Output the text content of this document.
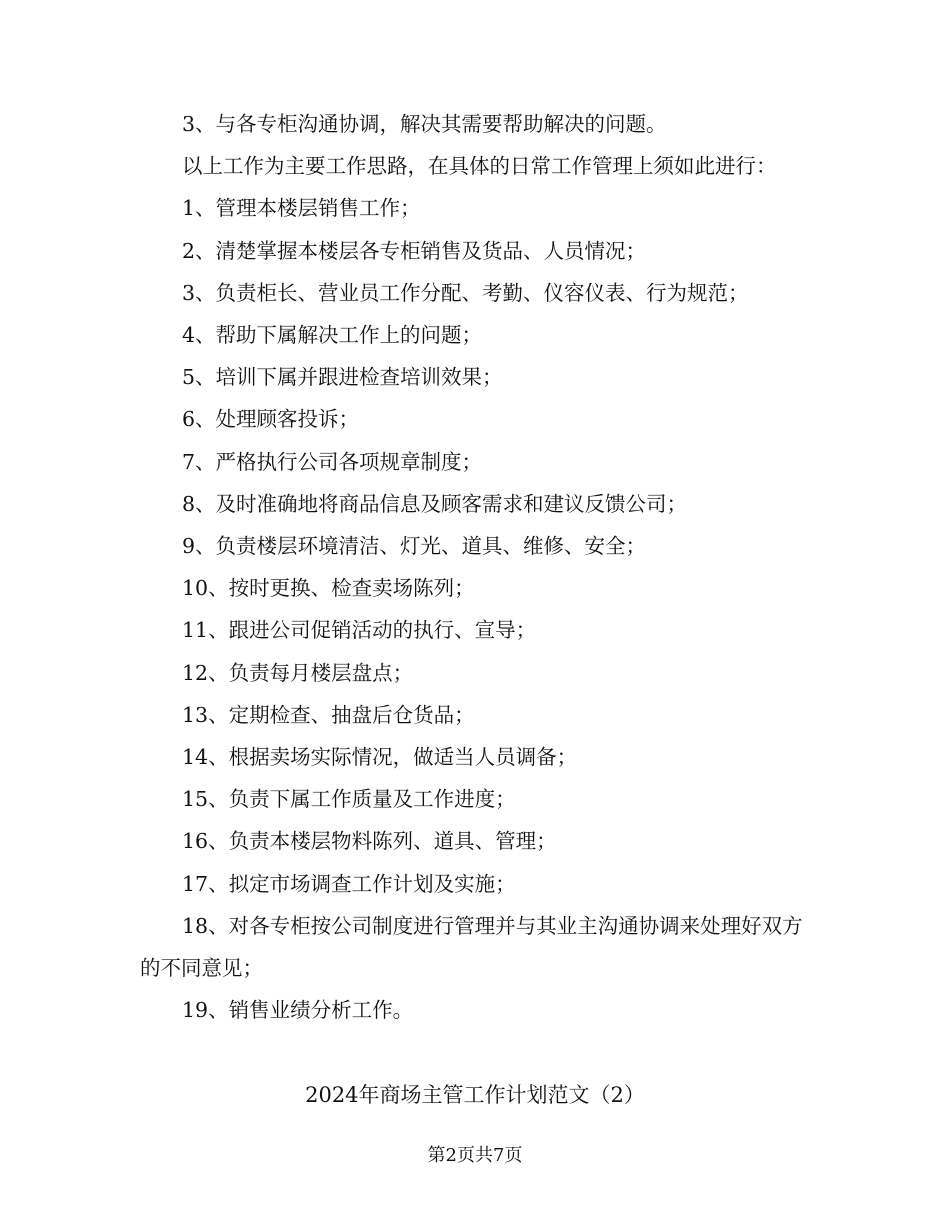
3、与各专柜沟通协调，解决其需要帮助解决的问题。

以上工作为主要工作思路，在具体的日常工作管理上须如此进行：

1、管理本楼层销售工作；

2、清楚掌握本楼层各专柜销售及货品、人员情况；

3、负责柜长、营业员工作分配、考勤、仪容仪表、行为规范；

4、帮助下属解决工作上的问题；

5、培训下属并跟进检查培训效果；

6、处理顾客投诉；

7、严格执行公司各项规章制度；

8、及时准确地将商品信息及顾客需求和建议反馈公司；

9、负责楼层环境清洁、灯光、道具、维修、安全；

10、按时更换、检查卖场陈列；

11、跟进公司促销活动的执行、宣导；

12、负责每月楼层盘点；

13、定期检查、抽盘后仓货品；

14、根据卖场实际情况，做适当人员调备；

15、负责下属工作质量及工作进度；

16、负责本楼层物料陈列、道具、管理；

17、拟定市场调查工作计划及实施；

18、对各专柜按公司制度进行管理并与其业主沟通协调来处理好双方的不同意见；

19、销售业绩分析工作。

2024年商场主管工作计划范文（2）

第2页共7页
